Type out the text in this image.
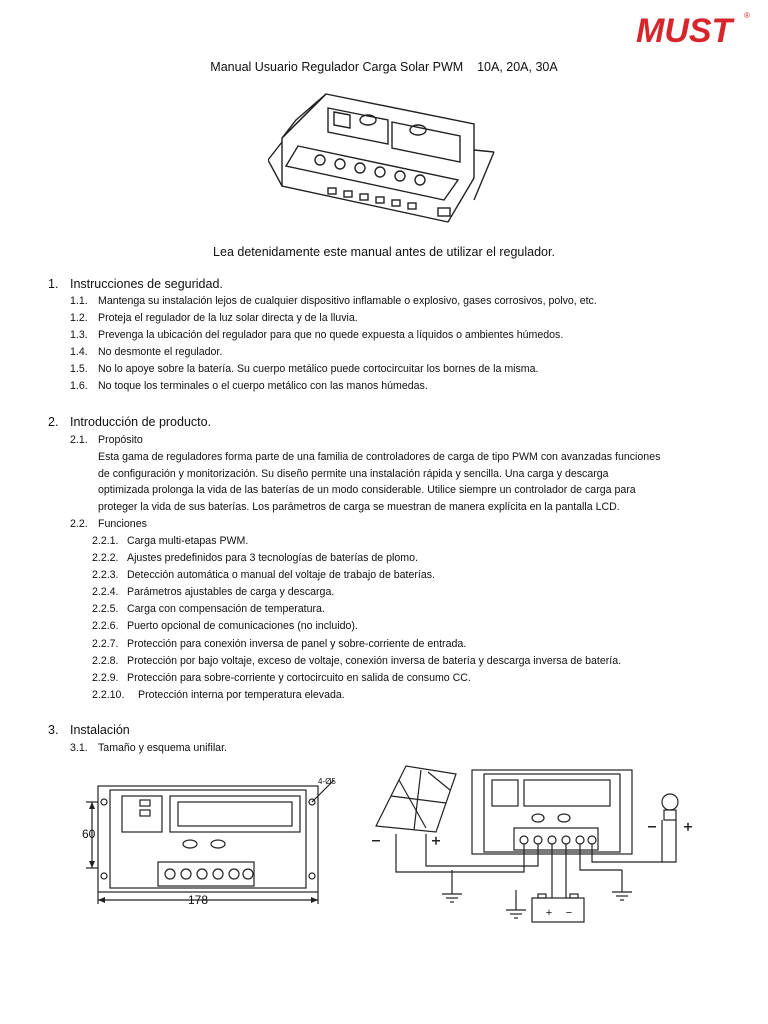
MUST	®
Manual Usuario Regulador Carga Solar PWM    10A, 20A, 30A
Lea detenidamente este manual antes de utilizar el regulador.
1. Instrucciones de seguridad.
1.1. Mantenga su instalación lejos de cualquier dispositivo inflamable o explosivo, gases corrosivos, polvo, etc.
1.2. Proteja el regulador de la luz solar directa y de la lluvia.
1.3. Prevenga la ubicación del regulador para que no quede expuesta a líquidos o ambientes húmedos.
1.4. No desmonte el regulador.
1.5. No lo apoye sobre la batería. Su cuerpo metálico puede cortocircuitar los bornes de la misma.
1.6. No toque los terminales o el cuerpo metálico con las manos húmedas.
2. Introducción de producto.
2.1. Propósito
Esta gama de reguladores forma parte de una familia de controladores de carga de tipo PWM con avanzadas funciones
de configuración y monitorización. Su diseño permite una instalación rápida y sencilla. Una carga y descarga
optimizada prolonga la vida de las baterías de un modo considerable. Utilice siempre un controlador de carga para
proteger la vida de sus baterías. Los parámetros de carga se muestran de manera explícita en la pantalla LCD.
2.2. Funciones
2.2.1. Carga multi-etapas PWM.
2.2.2. Ajustes predefinidos para 3 tecnologías de baterías de plomo.
2.2.3. Detección automática o manual del voltaje de trabajo de baterías.
2.2.4. Parámetros ajustables de carga y descarga.
2.2.5. Carga con compensación de temperatura.
2.2.6. Puerto opcional de comunicaciones (no incluido).
2.2.7. Protección para conexión inversa de panel y sobre-corriente de entrada.
2.2.8. Protección por bajo voltaje, exceso de voltaje, conexión inversa de batería y descarga inversa de batería.
2.2.9. Protección para sobre-corriente y cortocircuito en salida de consumo CC.
2.2.10. Protección interna por temperatura elevada.
3. Instalación
3.1. Tamaño y esquema unifilar.
178
60
4-Ø5
+ −
